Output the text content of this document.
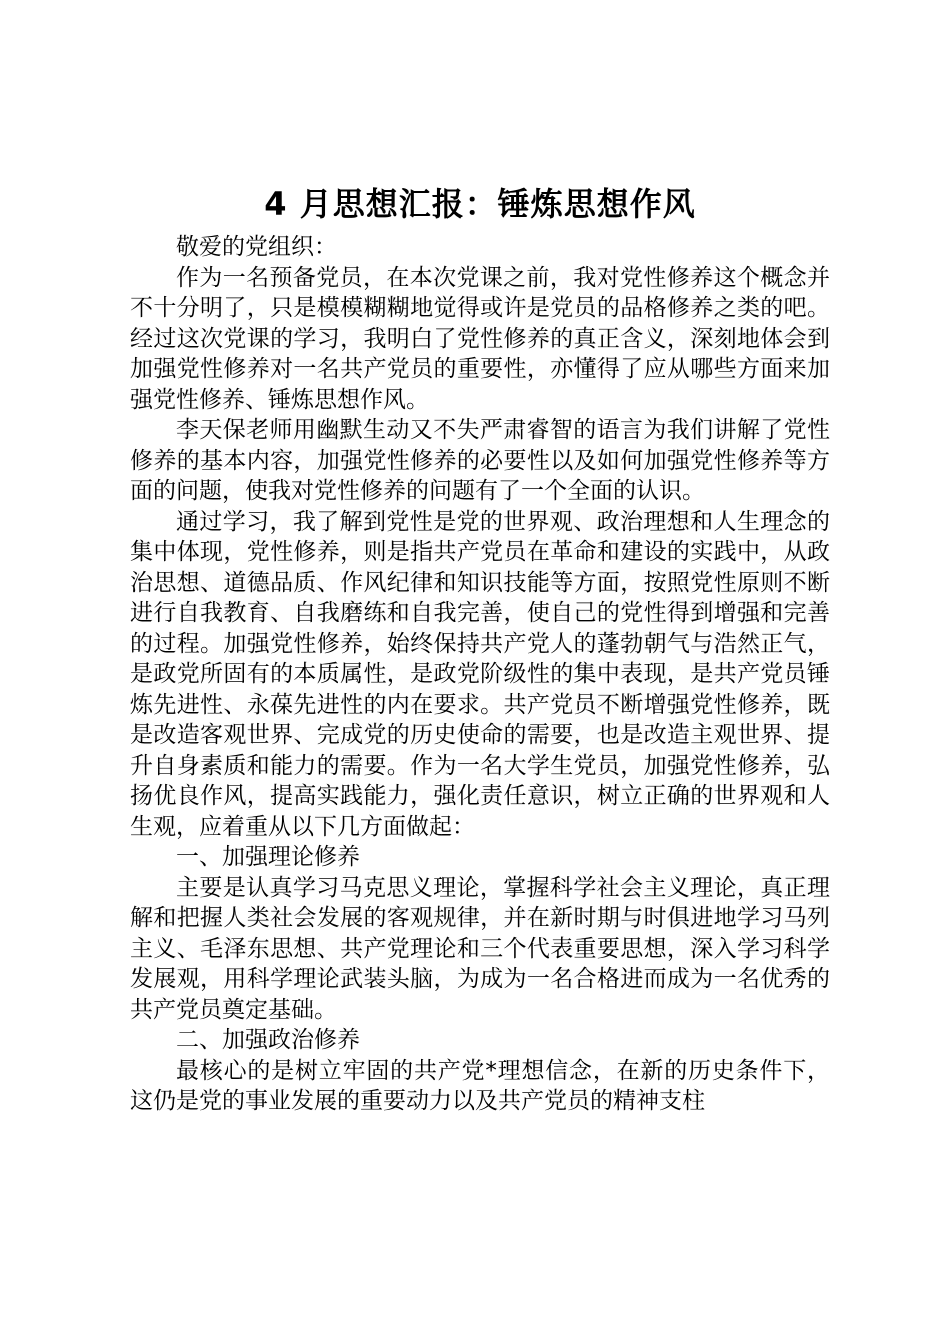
4 月思想汇报：锤炼思想作风

敬爱的党组织：

作为一名预备党员，在本次党课之前，我对党性修养这个概念并不十分明了，只是模模糊糊地觉得或许是党员的品格修养之类的吧。经过这次党课的学习，我明白了党性修养的真正含义，深刻地体会到加强党性修养对一名共产党员的重要性，亦懂得了应从哪些方面来加强党性修养、锤炼思想作风。

李天保老师用幽默生动又不失严肃睿智的语言为我们讲解了党性修养的基本内容，加强党性修养的必要性以及如何加强党性修养等方面的问题，使我对党性修养的问题有了一个全面的认识。

通过学习，我了解到党性是党的世界观、政治理想和人生理念的集中体现，党性修养，则是指共产党员在革命和建设的实践中，从政治思想、道德品质、作风纪律和知识技能等方面，按照党性原则不断进行自我教育、自我磨练和自我完善，使自己的党性得到增强和完善的过程。加强党性修养，始终保持共产党人的蓬勃朝气与浩然正气，是政党所固有的本质属性，是政党阶级性的集中表现，是共产党员锤炼先进性、永葆先进性的内在要求。共产党员不断增强党性修养，既是改造客观世界、完成党的历史使命的需要，也是改造主观世界、提升自身素质和能力的需要。作为一名大学生党员，加强党性修养，弘扬优良作风，提高实践能力，强化责任意识，树立正确的世界观和人生观，应着重从以下几方面做起：

一、加强理论修养

主要是认真学习马克思义理论，掌握科学社会主义理论，真正理解和把握人类社会发展的客观规律，并在新时期与时俱进地学习马列主义、毛泽东思想、共产党理论和三个代表重要思想，深入学习科学发展观，用科学理论武装头脑，为成为一名合格进而成为一名优秀的共产党员奠定基础。

二、加强政治修养

最核心的是树立牢固的共产党*理想信念，在新的历史条件下，这仍是党的事业发展的重要动力以及共产党员的精神支柱
